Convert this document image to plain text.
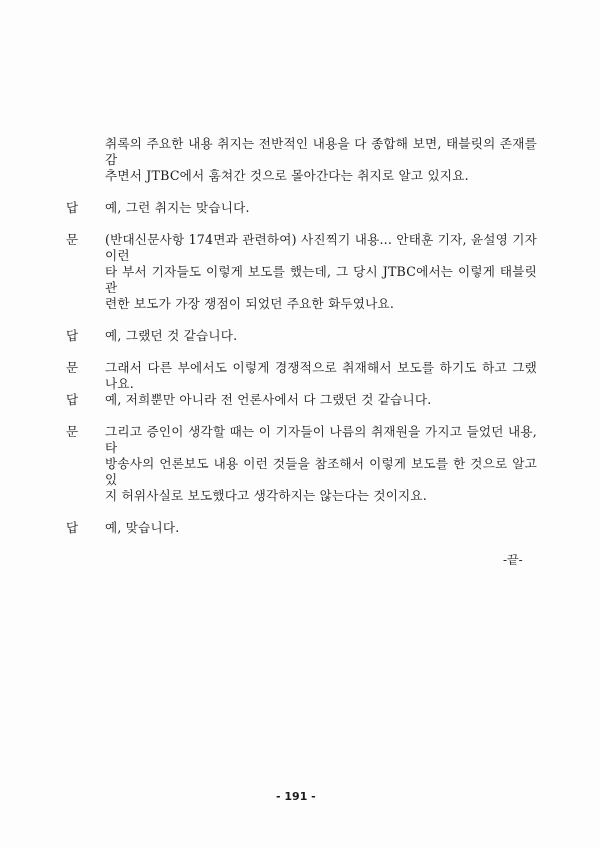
취록의 주요한 내용 취지는 전반적인 내용을 다 종합해 보면, 태블릿의 존재를 감
추면서 JTBC에서 훔쳐간 것으로 몰아간다는 취지로 알고 있지요.
답 예, 그런 취지는 맞습니다.
문 (반대신문사항 174면과 관련하여) 사진찍기 내용... 안태훈 기자, 윤설영 기자 이런
타 부서 기자들도 이렇게 보도를 했는데, 그 당시 JTBC에서는 이렇게 태블릿 관
련한 보도가 가장 쟁점이 되었던 주요한 화두였나요.
답 예, 그랬던 것 같습니다.
문 그래서 다른 부에서도 이렇게 경쟁적으로 취재해서 보도를 하기도 하고 그랬나요.
답 예, 저희뿐만 아니라 전 언론사에서 다 그랬던 것 같습니다.
문 그리고 증인이 생각할 때는 이 기자들이 나름의 취재원을 가지고 들었던 내용, 타
방송사의 언론보도 내용 이런 것들을 참조해서 이렇게 보도를 한 것으로 알고 있
지 허위사실로 보도했다고 생각하지는 않는다는 것이지요.
답 예, 맞습니다.
-끝-
- 191 -
